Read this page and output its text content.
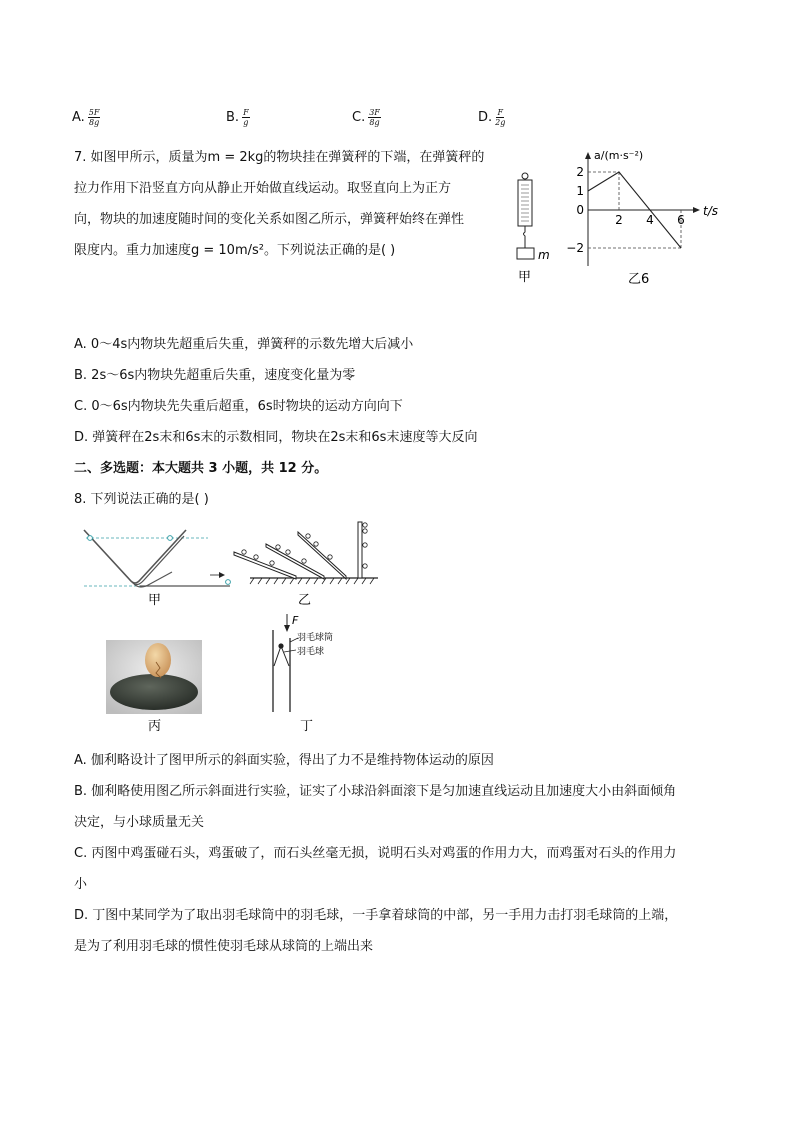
A. $\frac{5F}{8g}$	B. $\frac{F}{g}$	C. $\frac{3F}{8g}$	D. $\frac{F}{2g}$
7. 如图甲所示，质量为m = 2kg的物块挂在弹簧秤的下端，在弹簧秤的
拉力作用下沿竖直方向从静止开始做直线运动。取竖直向上为正方
向，物块的加速度随时间的变化关系如图乙所示，弹簧秤始终在弹性
限度内。重力加速度g = 10m/s²。下列说法正确的是( )	m
甲
a/(m·s⁻²)
t/s
2 4 6
2
1
0
−2
乙6
A. 0～4s内物块先超重后失重，弹簧秤的示数先增大后减小
B. 2s～6s内物块先超重后失重，速度变化量为零
C. 0～6s内物块先失重后超重，6s时物块的运动方向向下
D. 弹簧秤在2s末和6s末的示数相同，物块在2s末和6s末速度等大反向
二、多选题：本大题共 3 小题，共 12 分。
8. 下列说法正确的是( )
甲	乙
丙
F
羽毛球筒
羽毛球
丁
A. 伽利略设计了图甲所示的斜面实验，得出了力不是维持物体运动的原因
B. 伽利略使用图乙所示斜面进行实验，证实了小球沿斜面滚下是匀加速直线运动且加速度大小由斜面倾角
决定，与小球质量无关
C. 丙图中鸡蛋碰石头，鸡蛋破了，而石头丝毫无损，说明石头对鸡蛋的作用力大，而鸡蛋对石头的作用力
小
D. 丁图中某同学为了取出羽毛球筒中的羽毛球，一手拿着球筒的中部，另一手用力击打羽毛球筒的上端，
是为了利用羽毛球的惯性使羽毛球从球筒的上端出来
